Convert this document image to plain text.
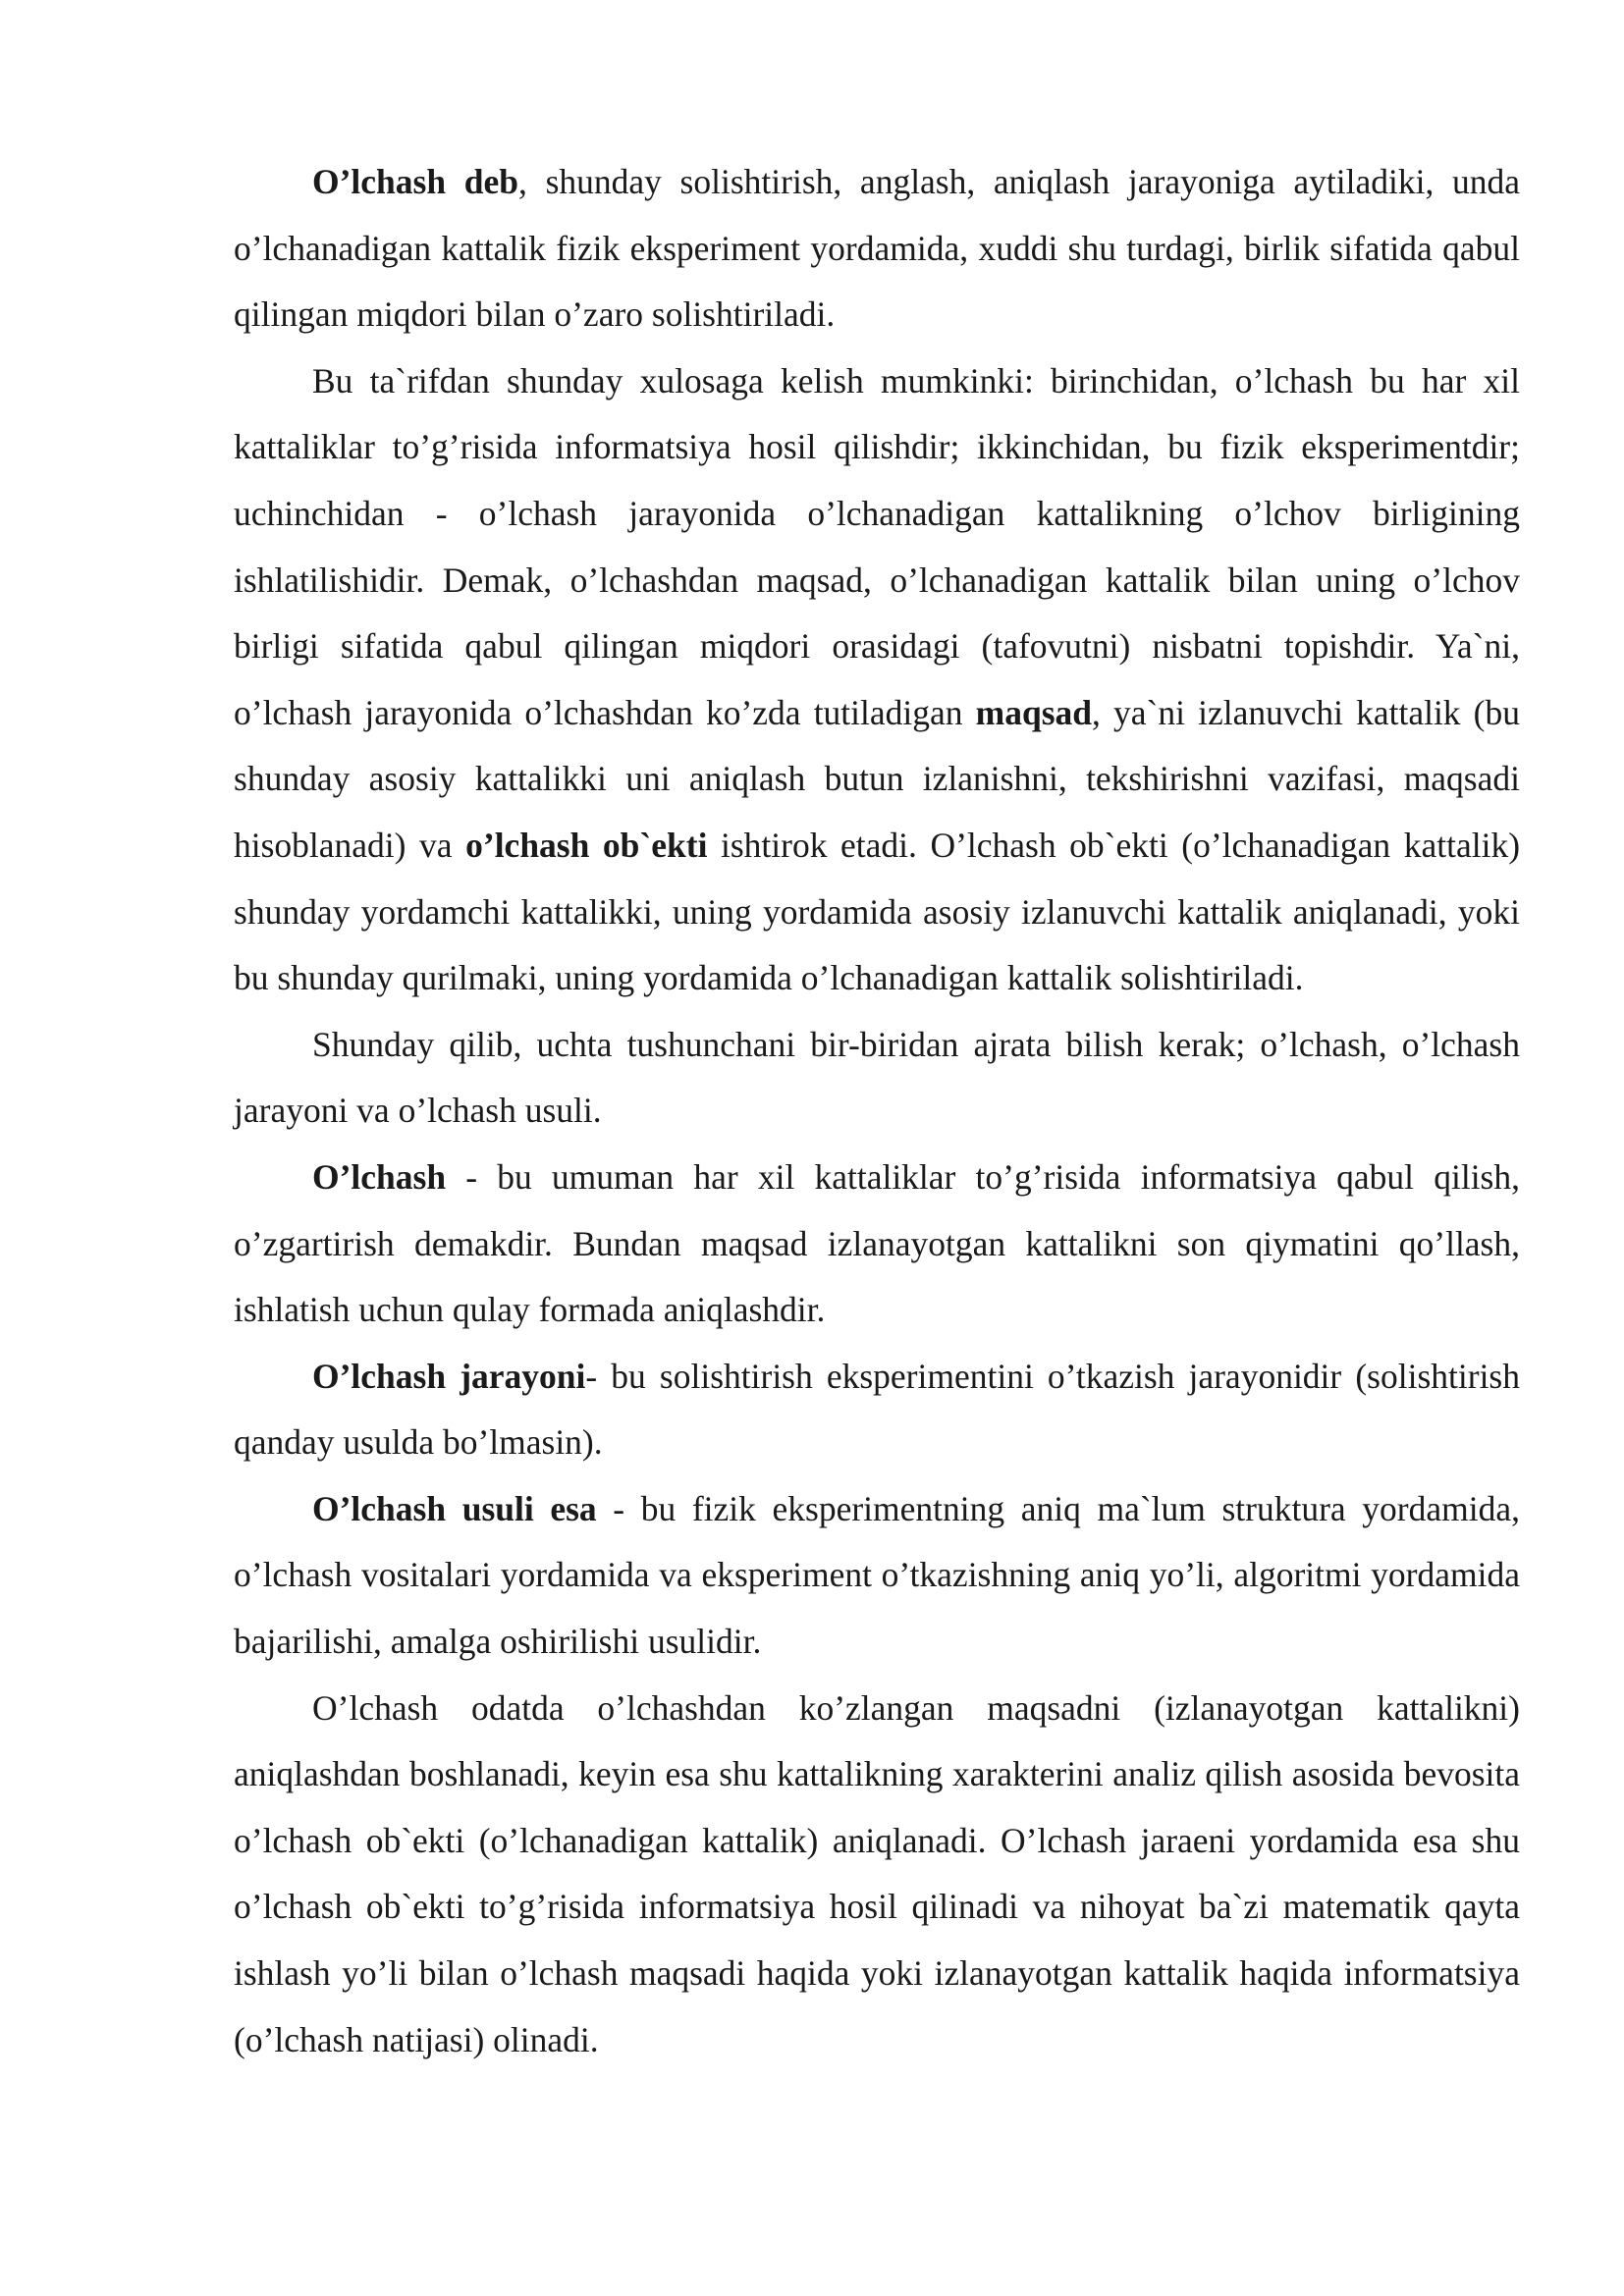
O’lchash deb, shunday solishtirish, anglash, aniqlash jarayoniga aytiladiki, unda o’lchanadigan kattalik fizik eksperiment yordamida, xuddi shu turdagi, birlik sifatida qabul qilingan miqdori bilan o’zaro solishtiriladi.

Bu ta`rifdan shunday xulosaga kelish mumkinki: birinchidan, o’lchash bu har xil kattaliklar to’g’risida informatsiya hosil qilishdir; ikkinchidan, bu fizik eksperimentdir; uchinchidan - o’lchash jarayonida o’lchanadigan kattalikning o’lchov birligining ishlatilishidir. Demak, o’lchashdan maqsad, o’lchanadigan kattalik bilan uning o’lchov birligi sifatida qabul qilingan miqdori orasidagi (tafovutni) nisbatni topishdir. Ya`ni, o’lchash jarayonida o’lchashdan ko’zda tutiladigan maqsad, ya`ni izlanuvchi kattalik (bu shunday asosiy kattalikki uni aniqlash butun izlanishni, tekshirishni vazifasi, maqsadi hisoblanadi) va o’lchash ob`ekti ishtirok etadi. O’lchash ob`ekti (o’lchanadigan kattalik) shunday yordamchi kattalikki, uning yordamida asosiy izlanuvchi kattalik aniqlanadi, yoki bu shunday qurilmaki, uning yordamida o’lchanadigan kattalik solishtiriladi.

Shunday qilib, uchta tushunchani bir-biridan ajrata bilish kerak; o’lchash, o’lchash jarayoni va o’lchash usuli.

O’lchash - bu umuman har xil kattaliklar to’g’risida informatsiya qabul qilish, o’zgartirish demakdir. Bundan maqsad izlanayotgan kattalikni son qiymatini qo’llash, ishlatish uchun qulay formada aniqlashdir.

O’lchash jarayoni- bu solishtirish eksperimentini o’tkazish jarayonidir (solishtirish qanday usulda bo’lmasin).

O’lchash usuli esa - bu fizik eksperimentning aniq ma`lum struktura yordamida, o’lchash vositalari yordamida va eksperiment o’tkazishning aniq yo’li, algoritmi yordamida bajarilishi, amalga oshirilishi usulidir.

O’lchash odatda o’lchashdan ko’zlangan maqsadni (izlanayotgan kattalikni) aniqlashdan boshlanadi, keyin esa shu kattalikning xarakterini analiz qilish asosida bevosita o’lchash ob`ekti (o’lchanadigan kattalik) aniqlanadi. O’lchash jaraeni yordamida esa shu o’lchash ob`ekti to’g’risida informatsiya hosil qilinadi va nihoyat ba`zi matematik qayta ishlash yo’li bilan o’lchash maqsadi haqida yoki izlanayotgan kattalik haqida informatsiya (o’lchash natijasi) olinadi.
